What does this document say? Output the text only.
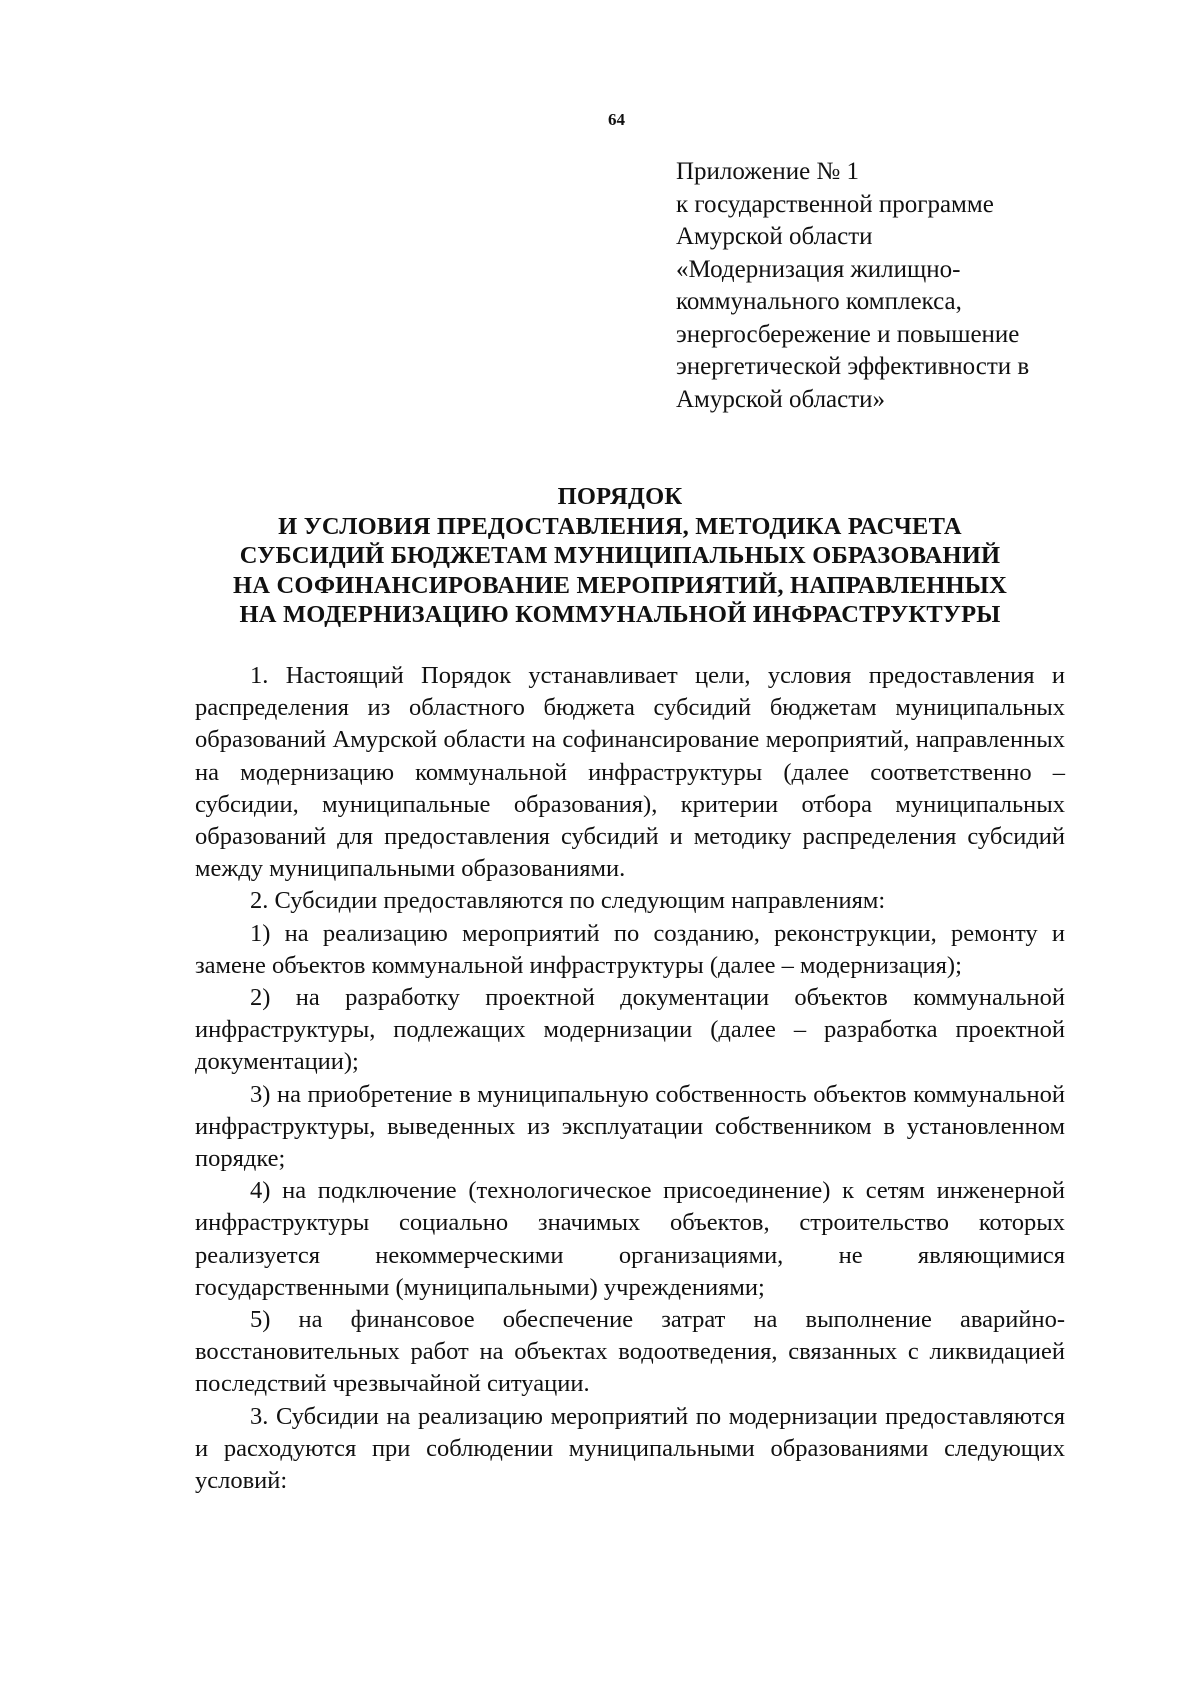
64
Приложение № 1
к государственной программе
Амурской области
«Модернизация жилищно-
коммунального комплекса,
энергосбережение и повышение
энергетической эффективности в
Амурской области»
ПОРЯДОК
И УСЛОВИЯ ПРЕДОСТАВЛЕНИЯ, МЕТОДИКА РАСЧЕТА
СУБСИДИЙ БЮДЖЕТАМ МУНИЦИПАЛЬНЫХ ОБРАЗОВАНИЙ
НА СОФИНАНСИРОВАНИЕ МЕРОПРИЯТИЙ, НАПРАВЛЕННЫХ
НА МОДЕРНИЗАЦИЮ КОММУНАЛЬНОЙ ИНФРАСТРУКТУРЫ

1. Настоящий Порядок устанавливает цели, условия предоставления и распределения из областного бюджета субсидий бюджетам муниципальных образований Амурской области на софинансирование мероприятий, направленных на модернизацию коммунальной инфраструктуры (далее соответственно – субсидии, муниципальные образования), критерии отбора муниципальных образований для предоставления субсидий и методику распределения субсидий между муниципальными образованиями.

2. Субсидии предоставляются по следующим направлениям:

1) на реализацию мероприятий по созданию, реконструкции, ремонту и замене объектов коммунальной инфраструктуры (далее – модернизация);

2) на разработку проектной документации объектов коммунальной инфраструктуры, подлежащих модернизации (далее – разработка проектной документации);

3) на приобретение в муниципальную собственность объектов коммунальной инфраструктуры, выведенных из эксплуатации собственником в установленном порядке;

4) на подключение (технологическое присоединение) к сетям инженерной инфраструктуры социально значимых объектов, строительство которых реализуется некоммерческими организациями, не являющимися государственными (муниципальными) учреждениями;

5) на финансовое обеспечение затрат на выполнение аварийно-восстановительных работ на объектах водоотведения, связанных с ликвидацией последствий чрезвычайной ситуации.

3. Субсидии на реализацию мероприятий по модернизации предоставляются и расходуются при соблюдении муниципальными образованиями следующих условий:
